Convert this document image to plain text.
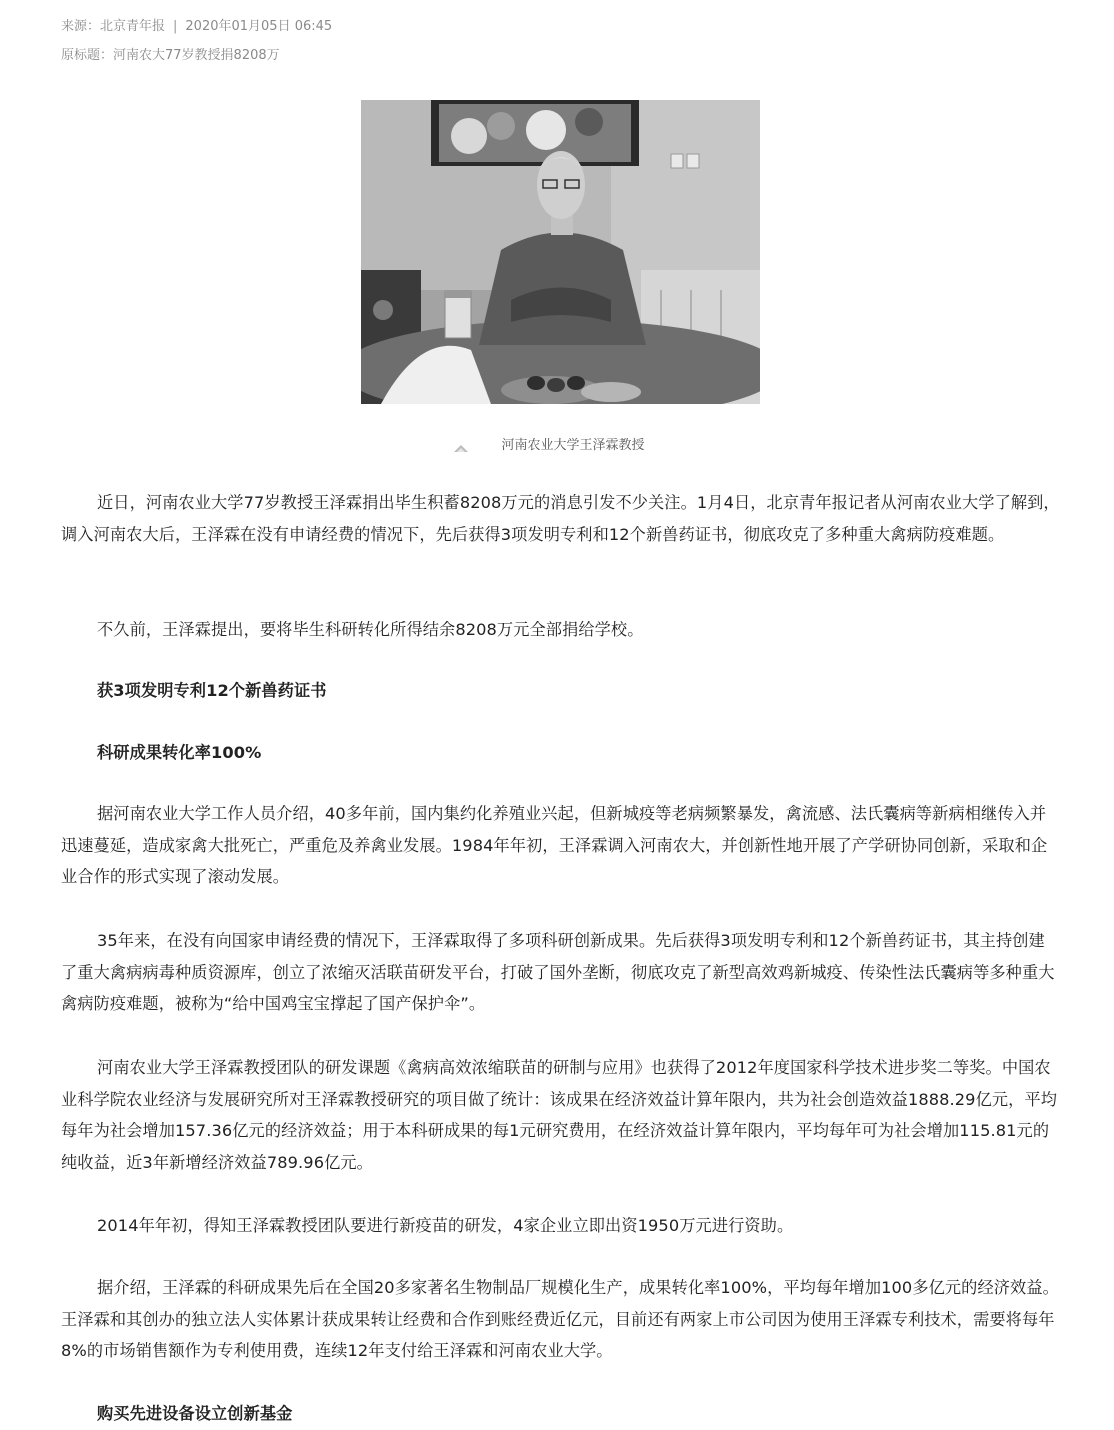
来源：北京青年报 | 2020年01月05日 06:45
原标题：河南农大77岁教授捐8208万
河南农业大学王泽霖教授

近日，河南农业大学77岁教授王泽霖捐出毕生积蓄8208万元的消息引发不少关注。1月4日，北京青年报记者从河南农业大学了解到，调入河南农大后，王泽霖在没有申请经费的情况下，先后获得3项发明专利和12个新兽药证书，彻底攻克了多种重大禽病防疫难题。

不久前，王泽霖提出，要将毕生科研转化所得结余8208万元全部捐给学校。

获3项发明专利12个新兽药证书

科研成果转化率100%

据河南农业大学工作人员介绍，40多年前，国内集约化养殖业兴起，但新城疫等老病频繁暴发，禽流感、法氏囊病等新病相继传入并迅速蔓延，造成家禽大批死亡，严重危及养禽业发展。1984年年初，王泽霖调入河南农大，并创新性地开展了产学研协同创新，采取和企业合作的形式实现了滚动发展。

35年来，在没有向国家申请经费的情况下，王泽霖取得了多项科研创新成果。先后获得3项发明专利和12个新兽药证书，其主持创建了重大禽病病毒种质资源库，创立了浓缩灭活联苗研发平台，打破了国外垄断，彻底攻克了新型高效鸡新城疫、传染性法氏囊病等多种重大禽病防疫难题，被称为“给中国鸡宝宝撑起了国产保护伞”。

河南农业大学王泽霖教授团队的研发课题《禽病高效浓缩联苗的研制与应用》也获得了2012年度国家科学技术进步奖二等奖。中国农业科学院农业经济与发展研究所对王泽霖教授研究的项目做了统计：该成果在经济效益计算年限内，共为社会创造效益1888.29亿元，平均每年为社会增加157.36亿元的经济效益；用于本科研成果的每1元研究费用，在经济效益计算年限内，平均每年可为社会增加115.81元的纯收益，近3年新增经济效益789.96亿元。

2014年年初，得知王泽霖教授团队要进行新疫苗的研发，4家企业立即出资1950万元进行资助。

据介绍，王泽霖的科研成果先后在全国20多家著名生物制品厂规模化生产，成果转化率100%，平均每年增加100多亿元的经济效益。王泽霖和其创办的独立法人实体累计获成果转让经费和合作到账经费近亿元，目前还有两家上市公司因为使用王泽霖专利技术，需要将每年8%的市场销售额作为专利使用费，连续12年支付给王泽霖和河南农业大学。

购买先进设备设立创新基金
